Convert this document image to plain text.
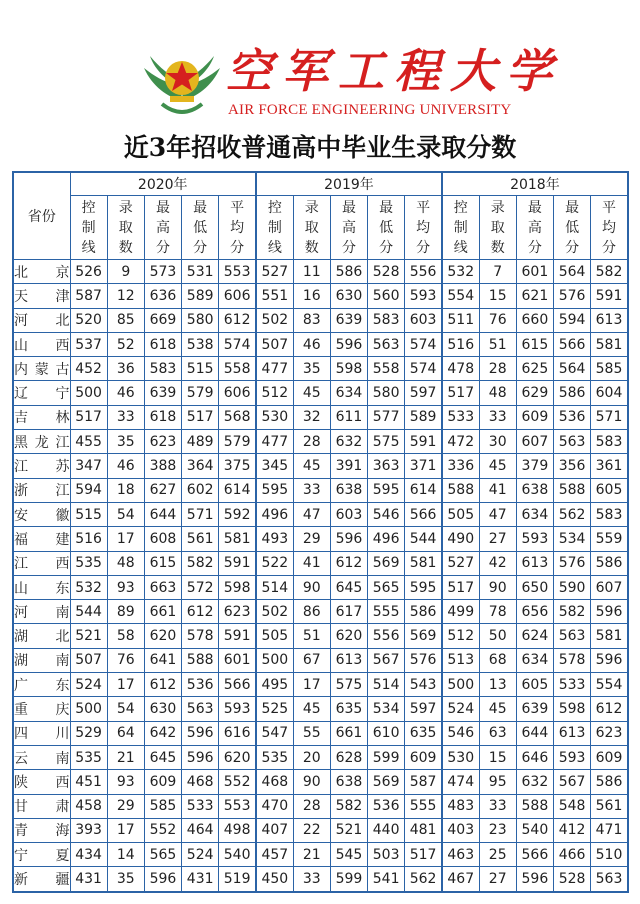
空军工程大学
AIR FORCE ENGINEERING UNIVERSITY
近3年招收普通高中毕业生录取分数
省份	2020年					2019年					2018年				
	控
制
线	录
取
数	最
高
分	最
低
分	平
均
分	控
制
线	录
取
数	最
高
分	最
低
分	平
均
分	控
制
线	录
取
数	最
高
分	最
低
分	平
均
分
北京	526	9	573	531	553	527	11	586	528	556	532	7	601	564	582
天津	587	12	636	589	606	551	16	630	560	593	554	15	621	576	591
河北	520	85	669	580	612	502	83	639	583	603	511	76	660	594	613
山西	537	52	618	538	574	507	46	596	563	574	516	51	615	566	581
内蒙古	452	36	583	515	558	477	35	598	558	574	478	28	625	564	585
辽宁	500	46	639	579	606	512	45	634	580	597	517	48	629	586	604
吉林	517	33	618	517	568	530	32	611	577	589	533	33	609	536	571
黑龙江	455	35	623	489	579	477	28	632	575	591	472	30	607	563	583
江苏	347	46	388	364	375	345	45	391	363	371	336	45	379	356	361
浙江	594	18	627	602	614	595	33	638	595	614	588	41	638	588	605
安徽	515	54	644	571	592	496	47	603	546	566	505	47	634	562	583
福建	516	17	608	561	581	493	29	596	496	544	490	27	593	534	559
江西	535	48	615	582	591	522	41	612	569	581	527	42	613	576	586
山东	532	93	663	572	598	514	90	645	565	595	517	90	650	590	607
河南	544	89	661	612	623	502	86	617	555	586	499	78	656	582	596
湖北	521	58	620	578	591	505	51	620	556	569	512	50	624	563	581
湖南	507	76	641	588	601	500	67	613	567	576	513	68	634	578	596
广东	524	17	612	536	566	495	17	575	514	543	500	13	605	533	554
重庆	500	54	630	563	593	525	45	635	534	597	524	45	639	598	612
四川	529	64	642	596	616	547	55	661	610	635	546	63	644	613	623
云南	535	21	645	596	620	535	20	628	599	609	530	15	646	593	609
陕西	451	93	609	468	552	468	90	638	569	587	474	95	632	567	586
甘肃	458	29	585	533	553	470	28	582	536	555	483	33	588	548	561
青海	393	17	552	464	498	407	22	521	440	481	403	23	540	412	471
宁夏	434	14	565	524	540	457	21	545	503	517	463	25	566	466	510
新疆	431	35	596	431	519	450	33	599	541	562	467	27	596	528	563
